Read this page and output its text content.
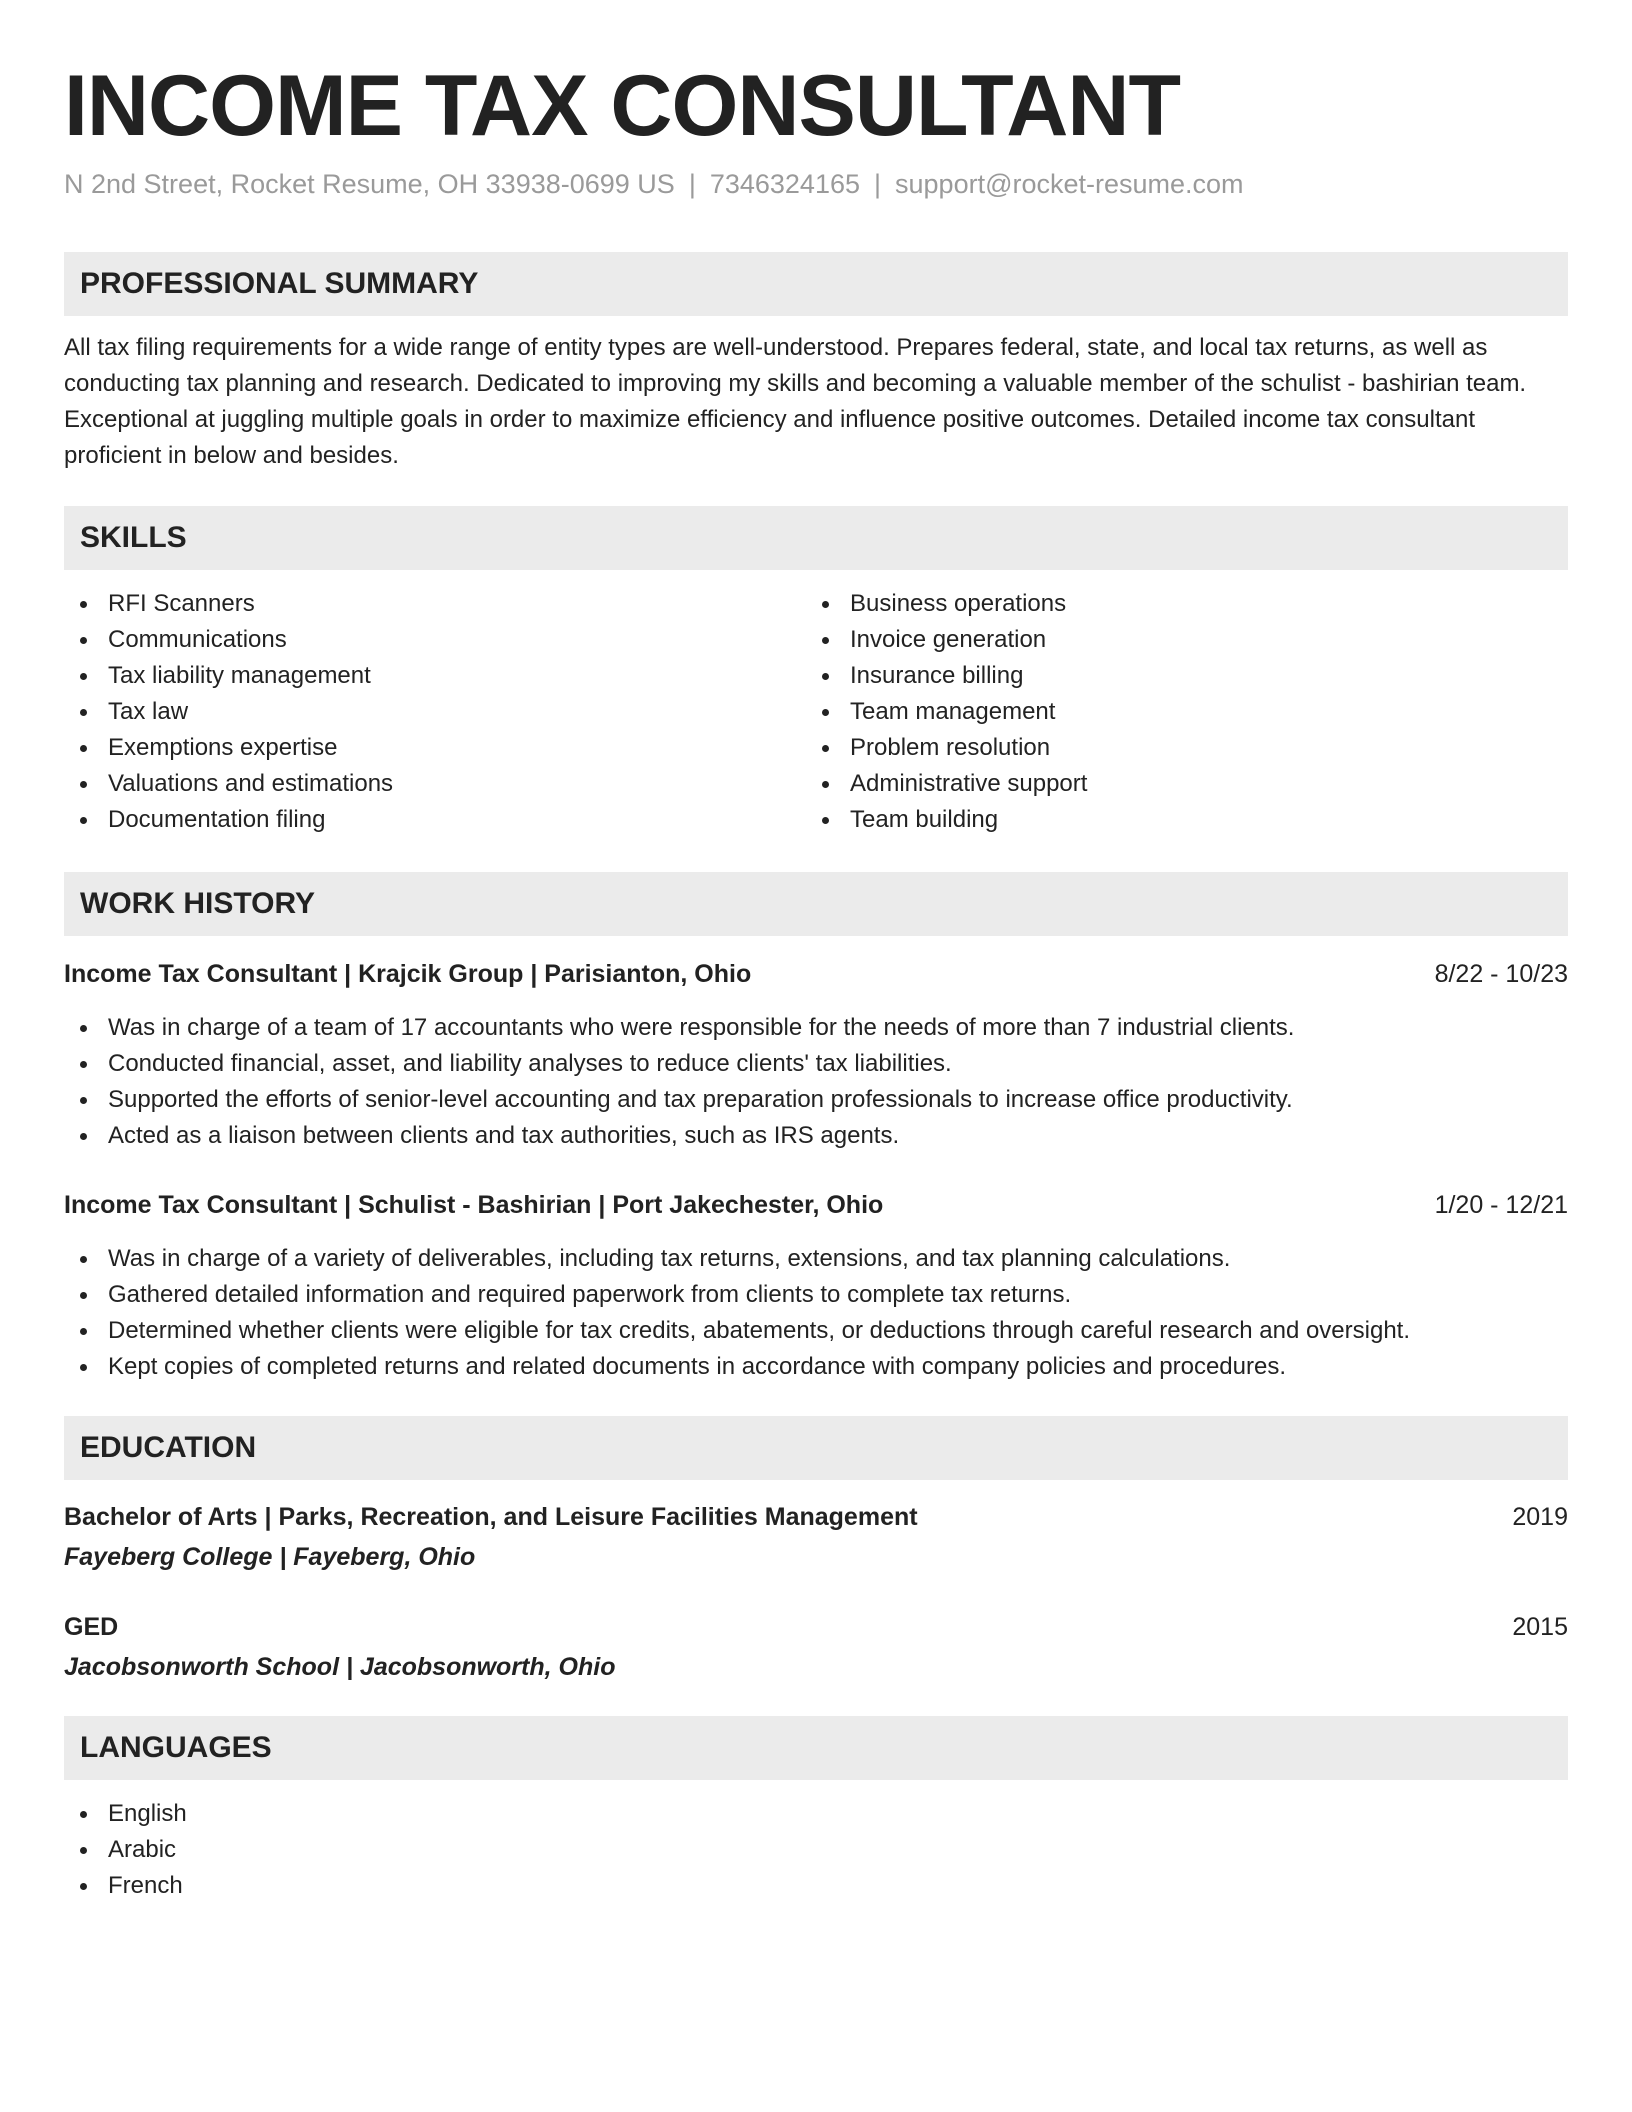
INCOME TAX CONSULTANT
N 2nd Street, Rocket Resume, OH 33938-0699 US | 7346324165 | support@rocket-resume.com
PROFESSIONAL SUMMARY

All tax filing requirements for a wide range of entity types are well-understood. Prepares federal, state, and local tax returns, as well as conducting tax planning and research. Dedicated to improving my skills and becoming a valuable member of the schulist - bashirian team. Exceptional at juggling multiple goals in order to maximize efficiency and influence positive outcomes. Detailed income tax consultant proficient in below and besides.

SKILLS
RFI Scanners
Communications
Tax liability management
Tax law
Exemptions expertise
Valuations and estimations
Documentation filing
Business operations
Invoice generation
Insurance billing
Team management
Problem resolution
Administrative support
Team building
WORK HISTORY
Income Tax Consultant | Krajcik Group | Parisianton, Ohio	8/22 - 10/23
Was in charge of a team of 17 accountants who were responsible for the needs of more than 7 industrial clients.
Conducted financial, asset, and liability analyses to reduce clients' tax liabilities.
Supported the efforts of senior-level accounting and tax preparation professionals to increase office productivity.
Acted as a liaison between clients and tax authorities, such as IRS agents.
Income Tax Consultant | Schulist - Bashirian | Port Jakechester, Ohio	1/20 - 12/21
Was in charge of a variety of deliverables, including tax returns, extensions, and tax planning calculations.
Gathered detailed information and required paperwork from clients to complete tax returns.
Determined whether clients were eligible for tax credits, abatements, or deductions through careful research and oversight.
Kept copies of completed returns and related documents in accordance with company policies and procedures.
EDUCATION
Bachelor of Arts | Parks, Recreation, and Leisure Facilities Management	2019
Fayeberg College | Fayeberg, Ohio
GED	2015
Jacobsonworth School | Jacobsonworth, Ohio
LANGUAGES
English
Arabic
French
